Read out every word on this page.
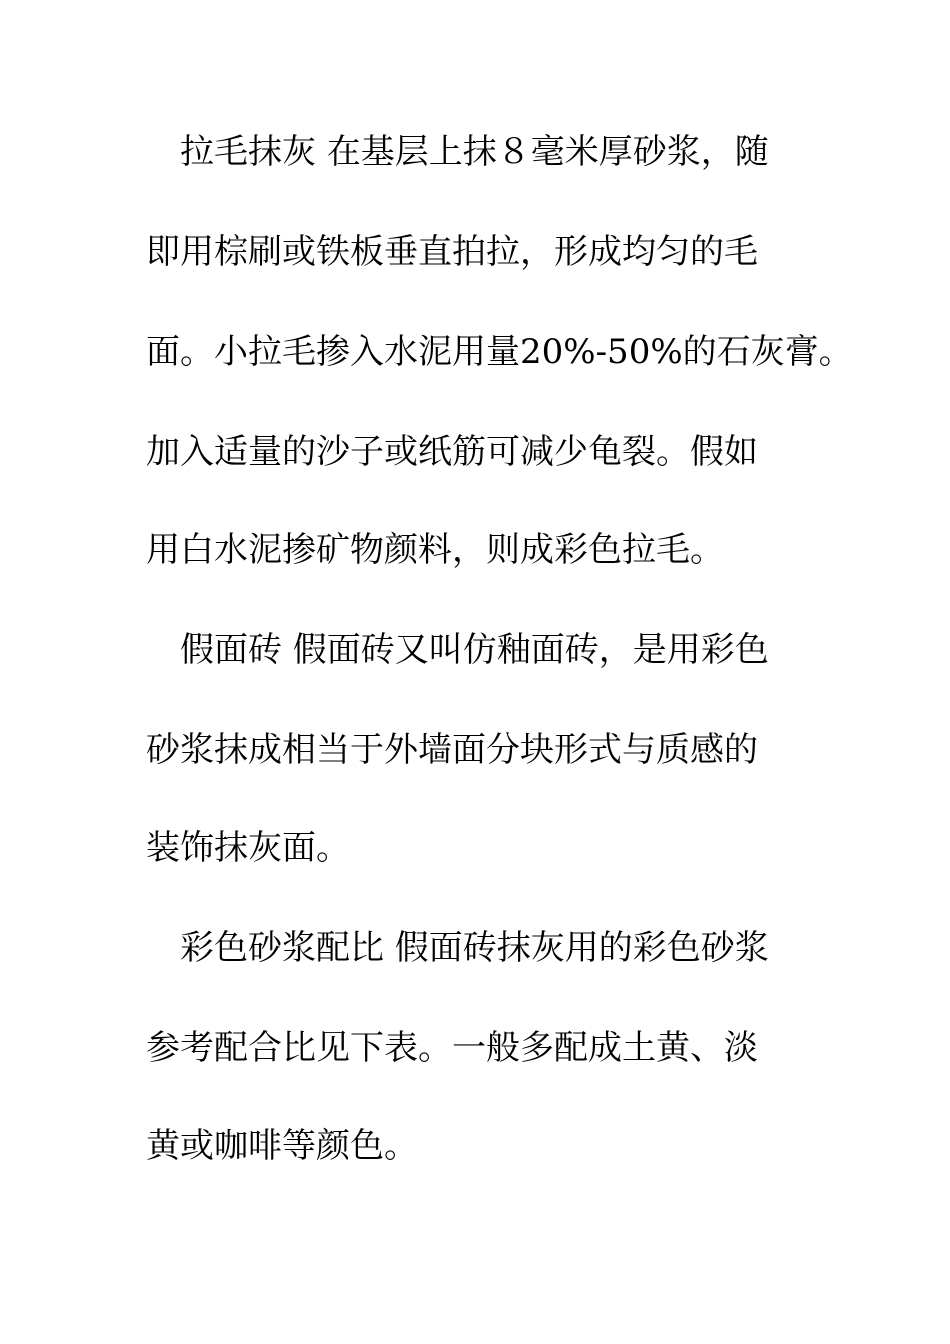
拉毛抹灰 在基层上抹８毫米厚砂浆，随
即用棕刷或铁板垂直拍拉，形成均匀的毛
面。小拉毛掺入水泥用量20%-50%的石灰膏。
加入适量的沙子或纸筋可减少龟裂。假如
用白水泥掺矿物颜料，则成彩色拉毛。
假面砖 假面砖又叫仿釉面砖，是用彩色
砂浆抹成相当于外墙面分块形式与质感的
装饰抹灰面。
彩色砂浆配比 假面砖抹灰用的彩色砂浆
参考配合比见下表。一般多配成土黄、淡
黄或咖啡等颜色。
